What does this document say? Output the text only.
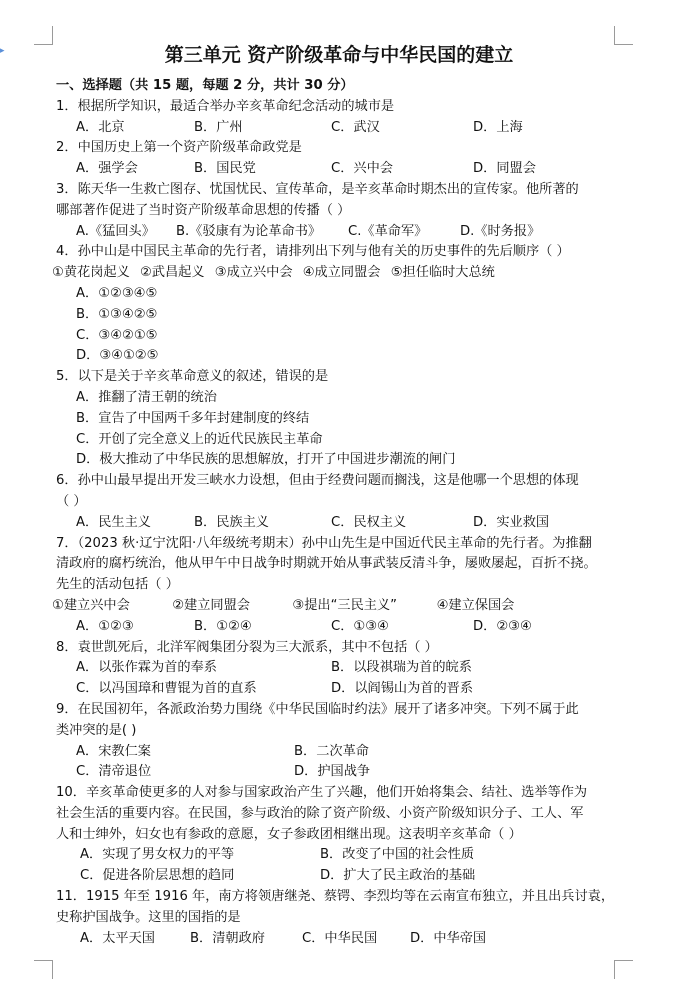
▸	第三单元 资产阶级革命与中华民国的建立
一、选择题（共 15 题，每题 2 分，共计 30 分）
1．根据所学知识，最适合举办辛亥革命纪念活动的城市是
A．北京	B．广州	C．武汉	D．上海
2．中国历史上第一个资产阶级革命政党是
A．强学会	B．国民党	C．兴中会	D．同盟会
3．陈天华一生救亡图存、忧国忧民、宣传革命，是辛亥革命时期杰出的宣传家。他所著的
哪部著作促进了当时资产阶级革命思想的传播（ ）
A.《猛回头》	B.《驳康有为论革命书》	C.《革命军》	D.《时务报》
4．孙中山是中国民主革命的先行者，请排列出下列与他有关的历史事件的先后顺序（ ）
①黄花岗起义 ②武昌起义 ③成立兴中会 ④成立同盟会 ⑤担任临时大总统
A．①②③④⑤
B．①③④②⑤
C．③④②①⑤
D．③④①②⑤
5．以下是关于辛亥革命意义的叙述，错误的是
A．推翻了清王朝的统治
B．宣告了中国两千多年封建制度的终结
C．开创了完全意义上的近代民族民主革命
D．极大推动了中华民族的思想解放，打开了中国进步潮流的闸门
6．孙中山最早提出开发三峡水力设想，但由于经费问题而搁浅，这是他哪一个思想的体现
（ ）
A．民生主义	B．民族主义	C．民权主义	D．实业救国
7．（2023 秋·辽宁沈阳·八年级统考期末）孙中山先生是中国近代民主革命的先行者。为推翻
清政府的腐朽统治，他从甲午中日战争时期就开始从事武装反清斗争，屡败屡起，百折不挠。
先生的活动包括（ ）
①建立兴中会	②建立同盟会	③提出“三民主义”	④建立保国会
A．①②③	B．①②④	C．①③④	D．②③④
8．袁世凯死后，北洋军阀集团分裂为三大派系，其中不包括（ ）
A．以张作霖为首的奉系	B．以段祺瑞为首的皖系
C．以冯国璋和曹锟为首的直系	D．以阎锡山为首的晋系
9．在民国初年，各派政治势力围绕《中华民国临时约法》展开了诸多冲突。下列不属于此
类冲突的是( )
A．宋教仁案	B．二次革命
C．清帝退位	D．护国战争
10．辛亥革命使更多的人对参与国家政治产生了兴趣，他们开始将集会、结社、选举等作为
社会生活的重要内容。在民国，参与政治的除了资产阶级、小资产阶级知识分子、工人、军
人和士绅外，妇女也有参政的意愿，女子参政团相继出现。这表明辛亥革命（ ）
A．实现了男女权力的平等	B．改变了中国的社会性质
C．促进各阶层思想的趋同	D．扩大了民主政治的基础
11．1915 年至 1916 年，南方将领唐继尧、蔡锷、李烈均等在云南宣布独立，并且出兵讨袁，
史称护国战争。这里的国指的是
A．太平天国	B．清朝政府	C．中华民国	D．中华帝国
